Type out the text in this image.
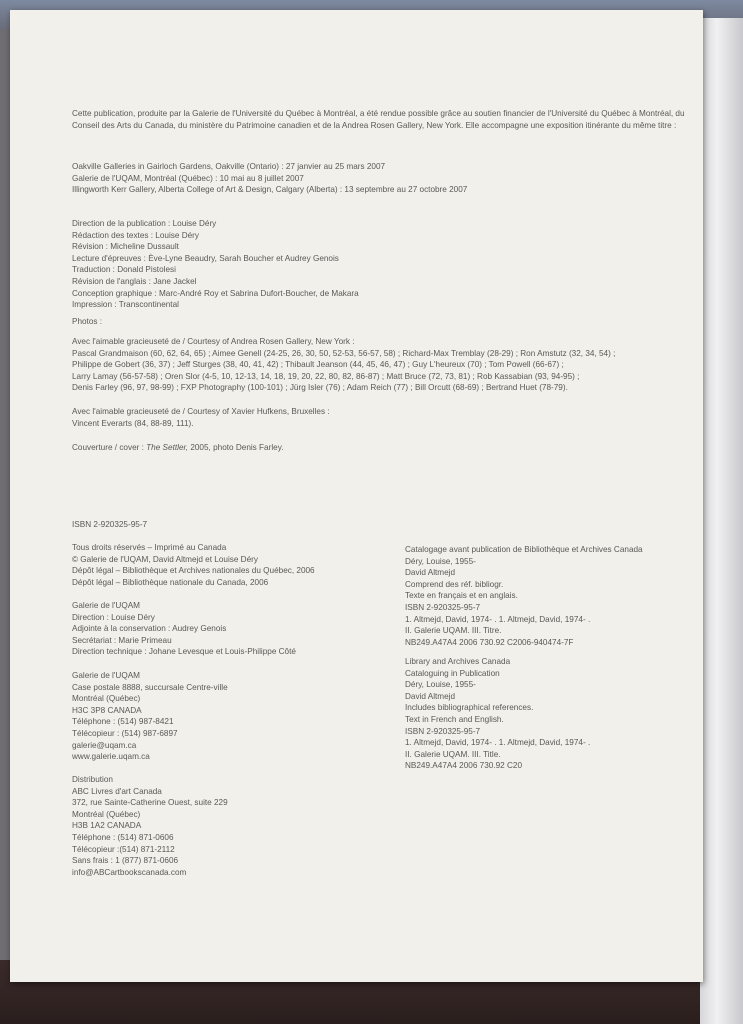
Cette publication, produite par la Galerie de l'Université du Québec à Montréal, a été rendue possible grâce au soutien financier de l'Université du Québec à Montréal, du Conseil des Arts du Canada, du ministère du Patrimoine canadien et de la Andrea Rosen Gallery, New York. Elle accompagne une exposition itinérante du même titre :

Oakville Galleries in Gairloch Gardens, Oakville (Ontario) : 27 janvier au 25 mars 2007
Galerie de l'UQAM, Montréal (Québec) : 10 mai au 8 juillet 2007
Illingworth Kerr Gallery, Alberta College of Art & Design, Calgary (Alberta) : 13 septembre au 27 octobre 2007
Direction de la publication : Louise Déry
Rédaction des textes : Louise Déry
Révision : Micheline Dussault
Lecture d'épreuves : Ève-Lyne Beaudry, Sarah Boucher et Audrey Genois
Traduction : Donald Pistolesi
Révision de l'anglais : Jane Jackel
Conception graphique : Marc-André Roy et Sabrina Dufort-Boucher, de Makara
Impression : Transcontinental
Photos :
Avec l'aimable gracieuseté de / Courtesy of Andrea Rosen Gallery, New York :
Pascal Grandmaison (60, 62, 64, 65) ; Aimee Genell (24-25, 26, 30, 50, 52-53, 56-57, 58) ; Richard-Max Tremblay (28-29) ; Ron Amstutz (32, 34, 54) ;
Philippe de Gobert (36, 37) ; Jeff Sturges (38, 40, 41, 42) ; Thibault Jeanson (44, 45, 46, 47) ; Guy L'heureux (70) ; Tom Powell (66-67) ;
Larry Lamay (56-57-58) ; Oren Slor (4-5, 10, 12-13, 14, 18, 19, 20, 22, 80, 82, 86-87) ; Matt Bruce (72, 73, 81) ; Rob Kassabian (93, 94-95) ;
Denis Farley (96, 97, 98-99) ; FXP Photography (100-101) ; Jürg Isler (76) ; Adam Reich (77) ; Bill Orcutt (68-69) ; Bertrand Huet (78-79).
Avec l'aimable gracieuseté de / Courtesy of Xavier Hufkens, Bruxelles :
Vincent Everarts (84, 88-89, 111).
Couverture / cover : The Settler, 2005, photo Denis Farley.
ISBN 2-920325-95-7
Tous droits réservés – Imprimé au Canada
© Galerie de l'UQAM, David Altmejd et Louise Déry
Dépôt légal – Bibliothèque et Archives nationales du Québec, 2006
Dépôt légal – Bibliothèque nationale du Canada, 2006
Galerie de l'UQAM
Direction : Louise Déry
Adjointe à la conservation : Audrey Genois
Secrétariat : Marie Primeau
Direction technique : Johane Levesque et Louis-Philippe Côté
Galerie de l'UQAM
Case postale 8888, succursale Centre-ville
Montréal (Québec)
H3C 3P8 CANADA
Téléphone : (514) 987-8421
Télécopieur : (514) 987-6897
galerie@uqam.ca
www.galerie.uqam.ca
Distribution
ABC Livres d'art Canada
372, rue Sainte-Catherine Ouest, suite 229
Montréal (Québec)
H3B 1A2 CANADA
Téléphone : (514) 871-0606
Télécopieur :(514) 871-2112
Sans frais : 1 (877) 871-0606
info@ABCartbookscanada.com
Catalogage avant publication de Bibliothèque et Archives Canada
Déry, Louise, 1955-
David Altmejd
Comprend des réf. bibliogr.
Texte en français et en anglais.
ISBN 2-920325-95-7
1. Altmejd, David, 1974- . 1. Altmejd, David, 1974- .
II. Galerie UQAM. III. Titre.
NB249.A47A4 2006 730.92 C2006-940474-7F
Library and Archives Canada
Cataloguing in Publication
Déry, Louise, 1955-
David Altmejd
Includes bibliographical references.
Text in French and English.
ISBN 2-920325-95-7
1. Altmejd, David, 1974- . 1. Altmejd, David, 1974- .
II. Galerie UQAM. III. Title.
NB249.A47A4 2006 730.92 C20
